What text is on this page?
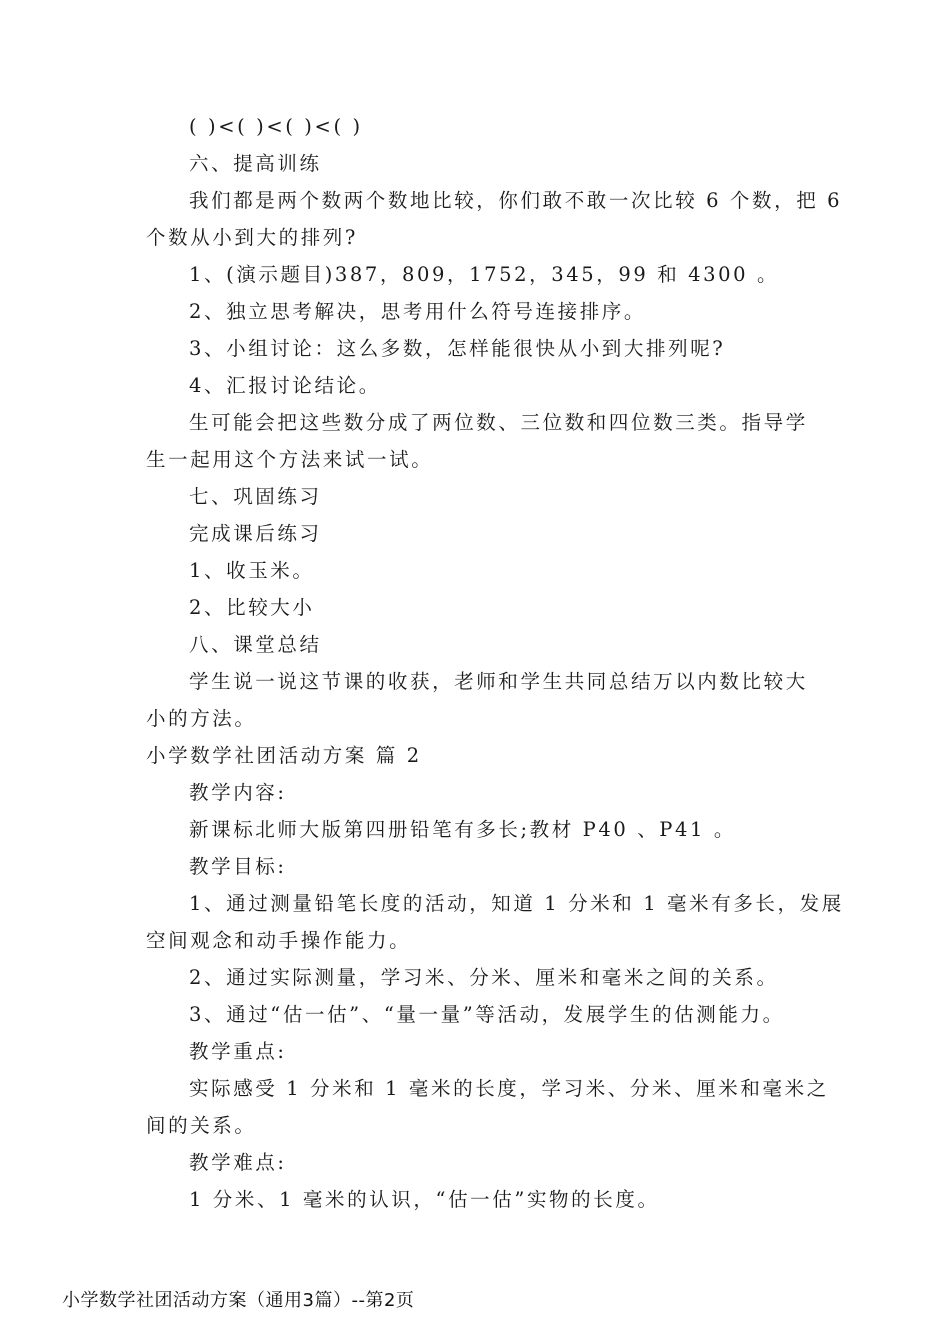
( )<( )<( )<( )
六、提高训练
我们都是两个数两个数地比较，你们敢不敢一次比较 6 个数，把 6
个数从小到大的排列?
1、(演示题目)387，809，1752，345，99 和 4300 。
2、独立思考解决，思考用什么符号连接排序。
3、小组讨论：这么多数，怎样能很快从小到大排列呢?
4、汇报讨论结论。
生可能会把这些数分成了两位数、三位数和四位数三类。指导学
生一起用这个方法来试一试。
七、巩固练习
完成课后练习
1、收玉米。
2、比较大小
八、课堂总结
学生说一说这节课的收获，老师和学生共同总结万以内数比较大
小的方法。
小学数学社团活动方案 篇 2
教学内容:
新课标北师大版第四册铅笔有多长;教材 P40 、P41 。
教学目标:
1、通过测量铅笔长度的活动，知道 1 分米和 1 毫米有多长，发展
空间观念和动手操作能力。
2、通过实际测量，学习米、分米、厘米和毫米之间的关系。
3、通过“估一估”、“量一量”等活动，发展学生的估测能力。
教学重点:
实际感受 1 分米和 1 毫米的长度，学习米、分米、厘米和毫米之
间的关系。
教学难点:
1 分米、1 毫米的认识，“估一估”实物的长度。
小学数学社团活动方案（通用3篇）--第2页
